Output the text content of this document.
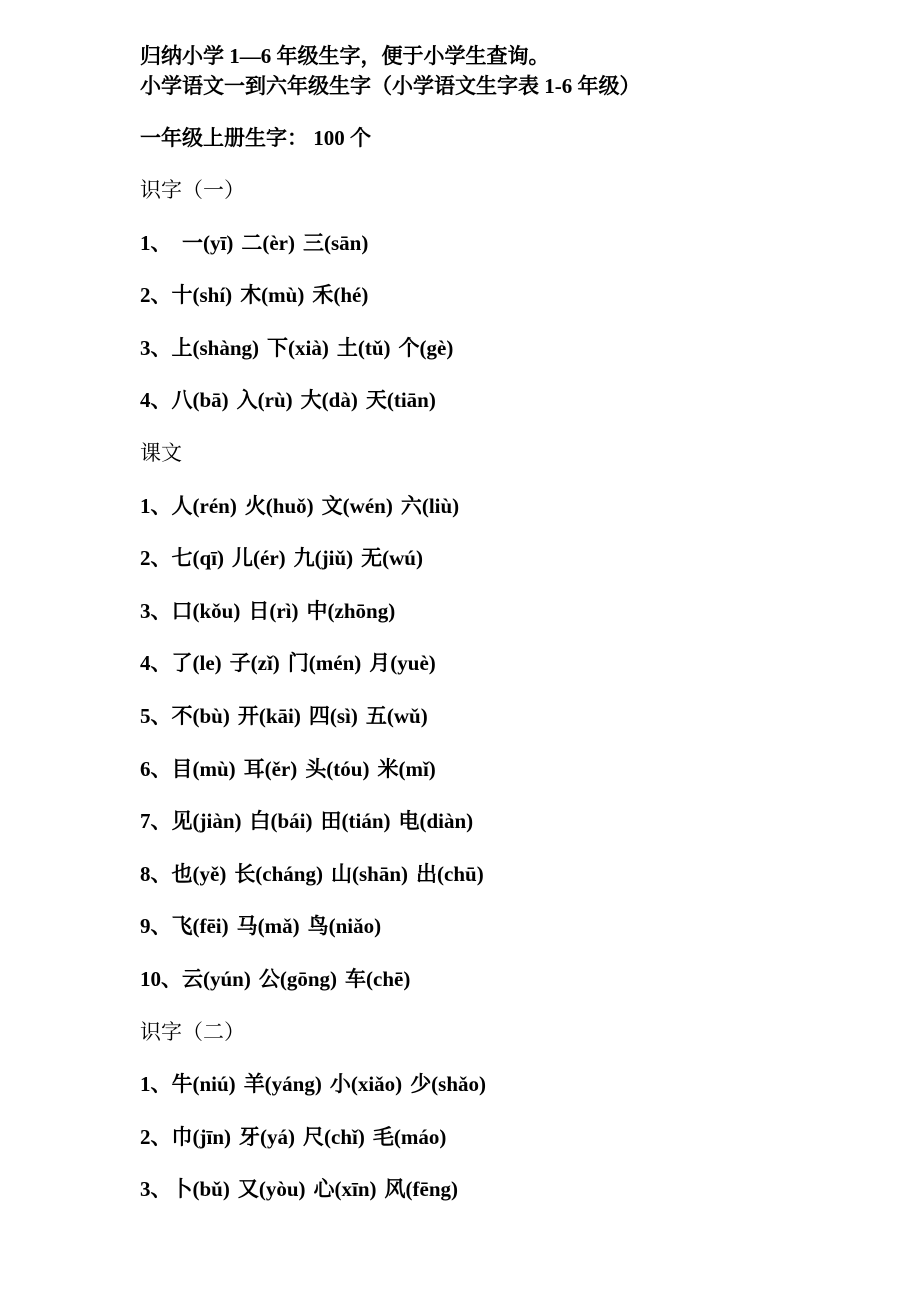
归纳小学 1—6 年级生字，便于小学生查询。
小学语文一到六年级生字（小学语文生字表 1-6 年级）
一年级上册生字： 100 个
识字（一）
1、  一(yī) 二(èr) 三(sān)
2、十(shí) 木(mù) 禾(hé)
3、上(shàng) 下(xià) 土(tǔ) 个(gè)
4、八(bā) 入(rù) 大(dà) 天(tiān)
课文
1、人(rén) 火(huǒ) 文(wén) 六(liù)
2、七(qī) 儿(ér) 九(jiǔ) 无(wú)
3、口(kǒu) 日(rì) 中(zhōng)
4、了(le) 子(zǐ) 门(mén) 月(yuè)
5、不(bù) 开(kāi) 四(sì) 五(wǔ)
6、目(mù) 耳(ěr) 头(tóu) 米(mǐ)
7、见(jiàn) 白(bái) 田(tián) 电(diàn)
8、也(yě) 长(cháng) 山(shān) 出(chū)
9、飞(fēi) 马(mǎ) 鸟(niǎo)
10、云(yún) 公(gōng) 车(chē)
识字（二）
1、牛(niú) 羊(yáng) 小(xiǎo) 少(shǎo)
2、巾(jīn) 牙(yá) 尺(chǐ) 毛(máo)
3、卜(bǔ) 又(yòu) 心(xīn) 风(fēng)
